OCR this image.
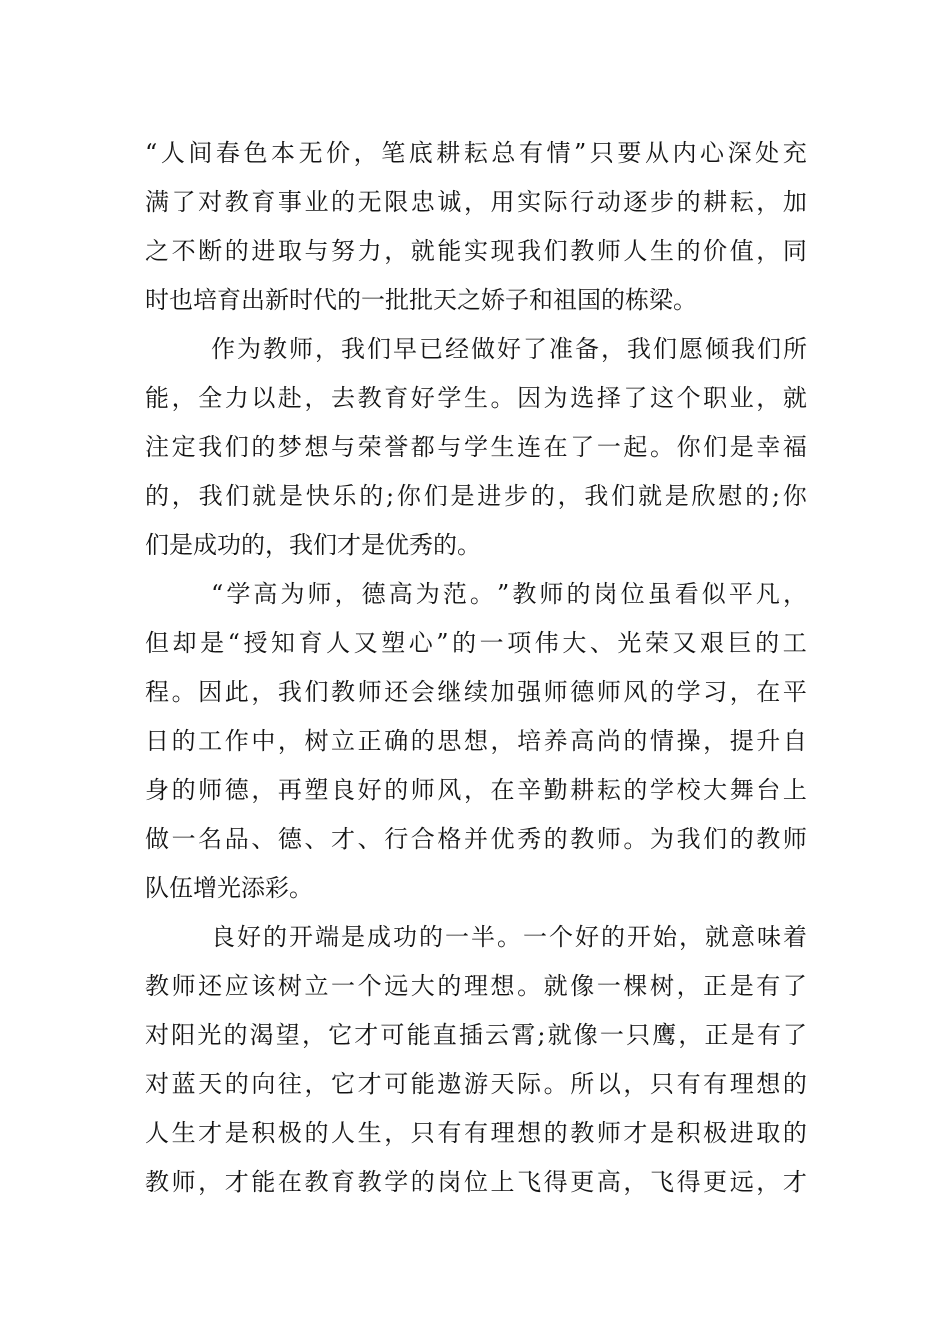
“ 人 间 春 色 本 无 价 ， 笔 底 耕 耘 总 有 情 ” 只 要 从 内 心 深 处 充
满 了 对 教 育 事 业 的 无 限 忠 诚 ， 用 实 际 行 动 逐 步 的 耕 耘 ， 加
之 不 断 的 进 取 与 努 力 ， 就 能 实 现 我 们 教 师 人 生 的 价 值 ， 同
时也培育出新时代的一批批天之娇子和祖国的栋梁。
作 为 教 师 ， 我 们 早 已 经 做 好 了 准 备 ， 我 们 愿 倾 我 们 所
能 ， 全 力 以 赴 ， 去 教 育 好 学 生 。 因 为 选 择 了 这 个 职 业 ， 就
注 定 我 们 的 梦 想 与 荣 誉 都 与 学 生 连 在 了 一 起 。 你 们 是 幸 福
的 ， 我 们 就 是 快 乐 的 ; 你 们 是 进 步 的 ， 我 们 就 是 欣 慰 的 ; 你
们是成功的，我们才是优秀的。
“ 学 高 为 师 ， 德 高 为 范 。 ” 教 师 的 岗 位 虽 看 似 平 凡 ，
但 却 是 “ 授 知 育 人 又 塑 心 ” 的 一 项 伟 大 、 光 荣 又 艰 巨 的 工
程 。 因 此 ， 我 们 教 师 还 会 继 续 加 强 师 德 师 风 的 学 习 ， 在 平
日 的 工 作 中 ， 树 立 正 确 的 思 想 ， 培 养 高 尚 的 情 操 ， 提 升 自
身 的 师 德 ， 再 塑 良 好 的 师 风 ， 在 辛 勤 耕 耘 的 学 校 大 舞 台 上
做 一 名 品 、 德 、 才 、 行 合 格 并 优 秀 的 教 师 。 为 我 们 的 教 师
队伍增光添彩。
良 好 的 开 端 是 成 功 的 一 半 。 一 个 好 的 开 始 ， 就 意 味 着
教 师 还 应 该 树 立 一 个 远 大 的 理 想 。 就 像 一 棵 树 ， 正 是 有 了
对 阳 光 的 渴 望 ， 它 才 可 能 直 插 云 霄 ; 就 像 一 只 鹰 ， 正 是 有 了
对 蓝 天 的 向 往 ， 它 才 可 能 遨 游 天 际 。 所 以 ， 只 有 有 理 想 的
人 生 才 是 积 极 的 人 生 ， 只 有 有 理 想 的 教 师 才 是 积 极 进 取 的
教 师 ， 才 能 在 教 育 教 学 的 岗 位 上 飞 得 更 高 ， 飞 得 更 远 ， 才
